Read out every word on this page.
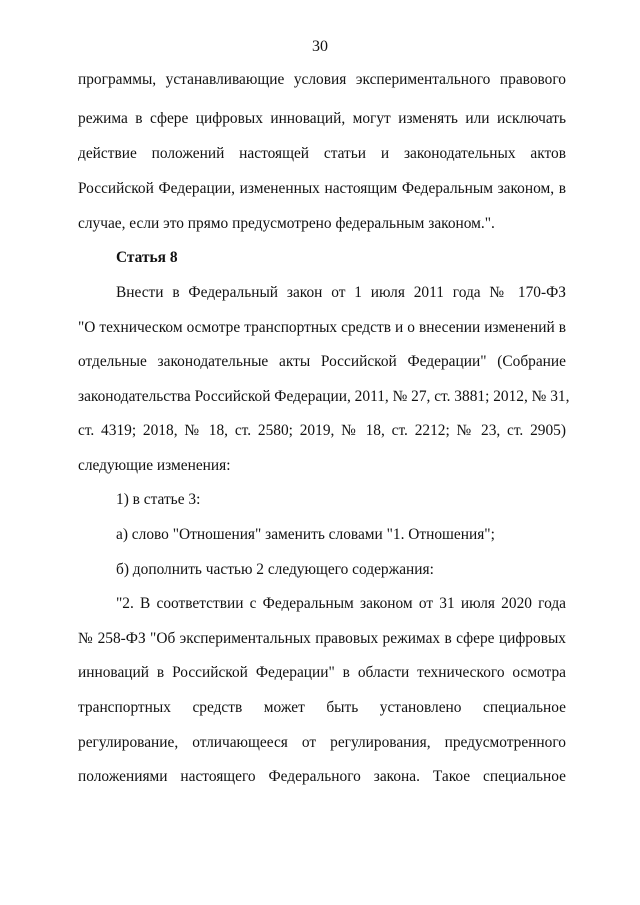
30
программы, устанавливающие условия экспериментального правового
режима в сфере цифровых инноваций, могут изменять или исключать
действие положений настоящей статьи и законодательных актов
Российской Федерации, измененных настоящим Федеральным законом, в
случае, если это прямо предусмотрено федеральным законом.".
Статья 8
Внести в Федеральный закон от 1 июля 2011 года № 170-ФЗ
"О техническом осмотре транспортных средств и о внесении изменений в
отдельные законодательные акты Российской Федерации" (Собрание
законодательства Российской Федерации, 2011, № 27, ст. 3881; 2012, № 31,
ст. 4319; 2018, № 18, ст. 2580; 2019, № 18, ст. 2212; № 23, ст. 2905)
следующие изменения:
1) в статье 3:
а) слово "Отношения" заменить словами "1. Отношения";
б) дополнить частью 2 следующего содержания:
"2. В соответствии с Федеральным законом от 31 июля 2020 года
№ 258-ФЗ "Об экспериментальных правовых режимах в сфере цифровых
инноваций в Российской Федерации" в области технического осмотра
транспортных средств может быть установлено специальное
регулирование, отличающееся от регулирования, предусмотренного
положениями настоящего Федерального закона. Такое специальное
